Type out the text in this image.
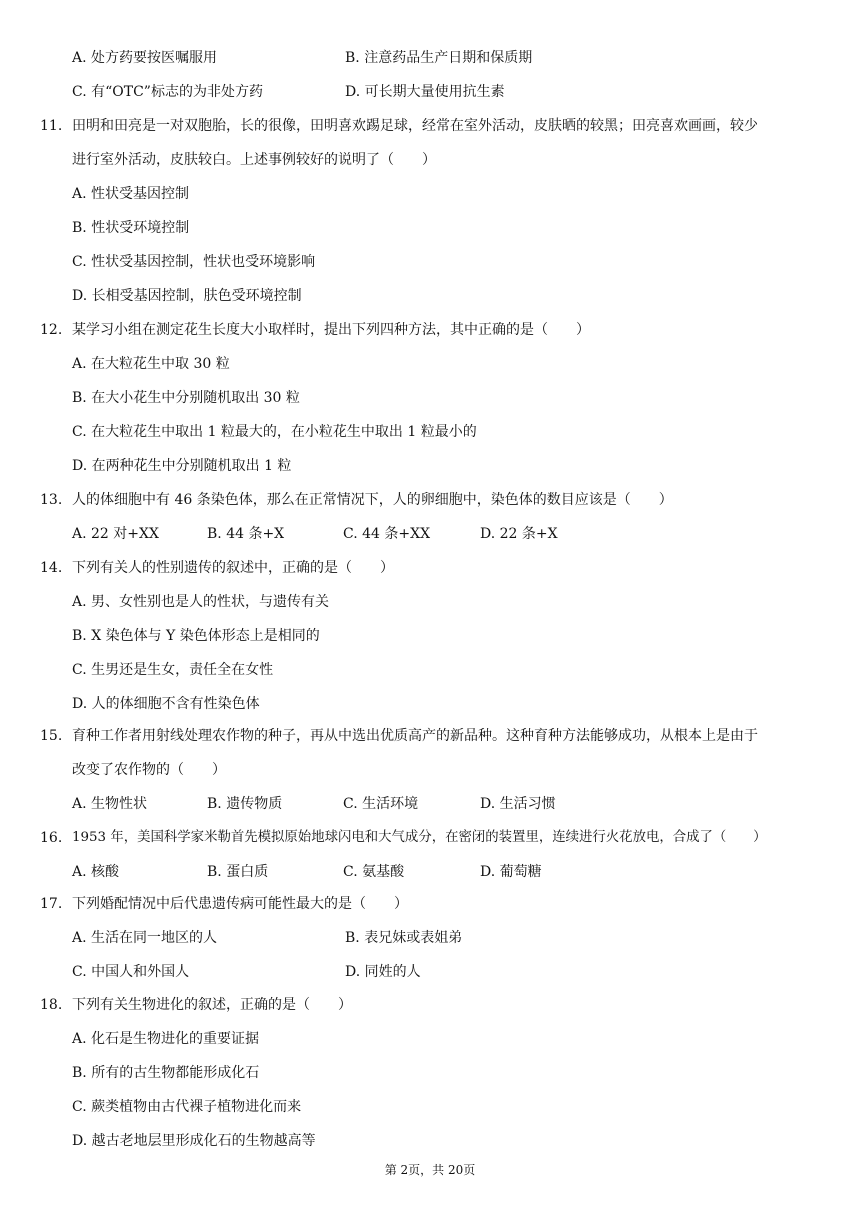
A. 处方药要按医嘱服用	B. 注意药品生产日期和保质期
C. 有“OTC”标志的为非处方药	D. 可长期大量使用抗生素
11. 田明和田亮是一对双胞胎，长的很像，田明喜欢踢足球，经常在室外活动，皮肤晒的较黑；田亮喜欢画画，较少
进行室外活动，皮肤较白。上述事例较好的说明了（　　）
A. 性状受基因控制
B. 性状受环境控制
C. 性状受基因控制，性状也受环境影响
D. 长相受基因控制，肤色受环境控制
12. 某学习小组在测定花生长度大小取样时，提出下列四种方法，其中正确的是（　　）
A. 在大粒花生中取 30 粒
B. 在大小花生中分别随机取出 30 粒
C. 在大粒花生中取出 1 粒最大的，在小粒花生中取出 1 粒最小的
D. 在两种花生中分别随机取出 1 粒
13. 人的体细胞中有 46 条染色体，那么在正常情况下，人的卵细胞中，染色体的数目应该是（　　）
A. 22 对+XX	B. 44 条+X	C. 44 条+XX	D. 22 条+X
14. 下列有关人的性别遗传的叙述中，正确的是（　　）
A. 男、女性别也是人的性状，与遗传有关
B. X 染色体与 Y 染色体形态上是相同的
C. 生男还是生女，责任全在女性
D. 人的体细胞不含有性染色体
15. 育种工作者用射线处理农作物的种子，再从中选出优质高产的新品种。这种育种方法能够成功，从根本上是由于
改变了农作物的（　　）
A. 生物性状	B. 遗传物质	C. 生活环境	D. 生活习惯
16. 1953 年，美国科学家米勒首先模拟原始地球闪电和大气成分，在密闭的装置里，连续进行火花放电，合成了（　　）
A. 核酸	B. 蛋白质	C. 氨基酸	D. 葡萄糖
17. 下列婚配情况中后代患遗传病可能性最大的是（　　）
A. 生活在同一地区的人	B. 表兄妹或表姐弟
C. 中国人和外国人	D. 同姓的人
18. 下列有关生物进化的叙述，正确的是（　　）
A. 化石是生物进化的重要证据
B. 所有的古生物都能形成化石
C. 蕨类植物由古代裸子植物进化而来
D. 越古老地层里形成化石的生物越高等
第 2页，共 20页
